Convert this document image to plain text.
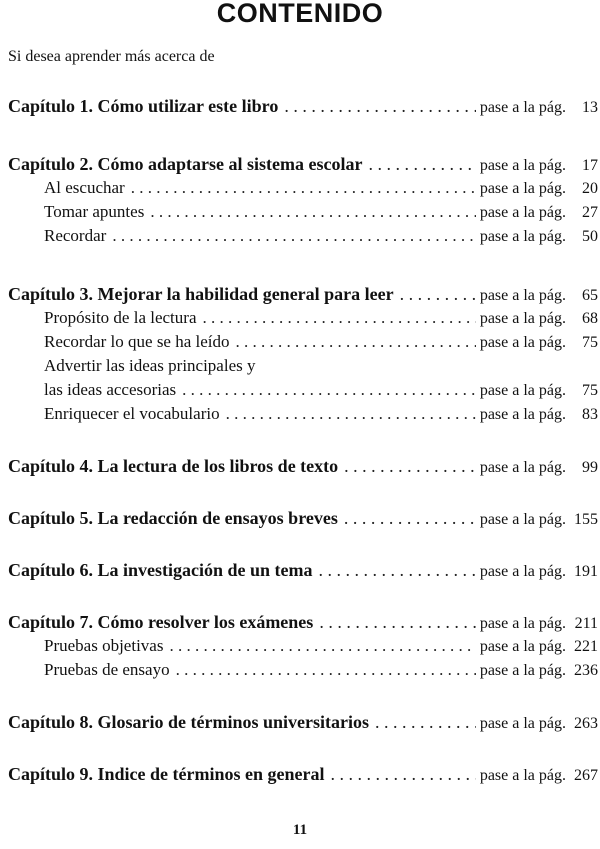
CONTENIDO
Si desea aprender más acerca de
Capítulo 1. Cómo utilizar este libro . . .	pase a la pág.	13
Capítulo 2. Cómo adaptarse al sistema escolar . . .	pase a la pág.	17
Al escuchar . . .	pase a la pág.	20
Tomar apuntes . . .	pase a la pág.	27
Recordar . . .	pase a la pág.	50
Capítulo 3. Mejorar la habilidad general para leer . . .	pase a la pág.	65
Propósito de la lectura . . .	pase a la pág.	68
Recordar lo que se ha leído . . .	pase a la pág.	75
Advertir las ideas principales y
las ideas accesorias . . .	pase a la pág.	75
Enriquecer el vocabulario . . .	pase a la pág.	83
Capítulo 4. La lectura de los libros de texto . . .	pase a la pág.	99
Capítulo 5. La redacción de ensayos breves . . .	pase a la pág. 155
Capítulo 6. La investigación de un tema . . .	pase a la pág. 191
Capítulo 7. Cómo resolver los exámenes . . .	pase a la pág. 211
Pruebas objetivas . . .	pase a la pág. 221
Pruebas de ensayo . . .	pase a la pág. 236
Capítulo 8. Glosario de términos universitarios . . .	pase a la pág. 263
Capítulo 9. Indice de términos en general . . .	pase a la pág. 267
11
